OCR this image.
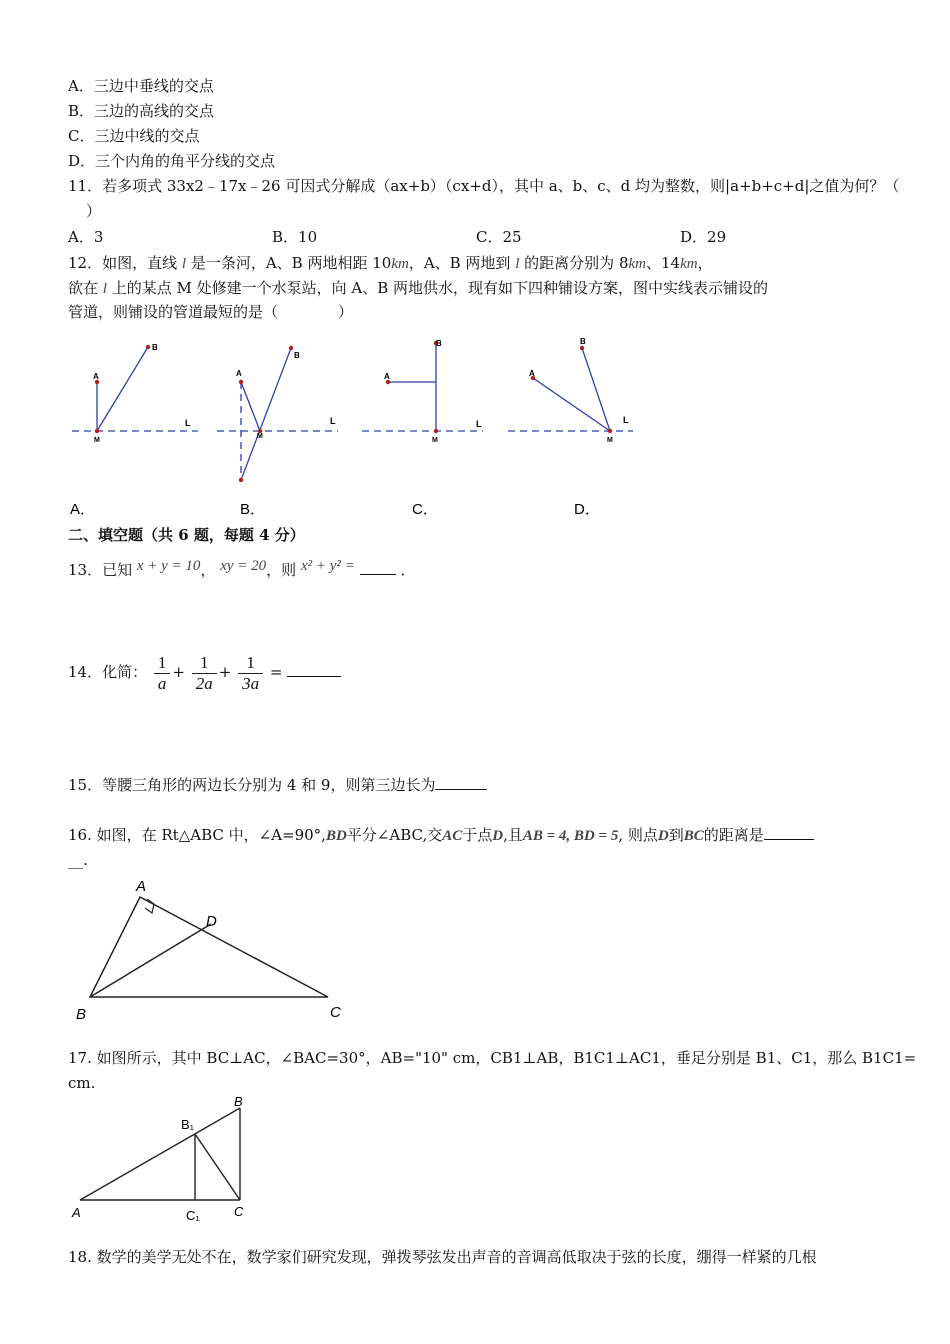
A．三边中垂线的交点
B．三边的高线的交点
C．三边中线的交点
D．三个内角的角平分线的交点
11．若多项式 33x2﹣17x﹣26 可因式分解成（ax+b）（cx+d），其中 a、b、c、d 均为整数，则|a+b+c+d|之值为何？（
）
A．3	B．10	C．25	D．29
12．如图，直线 l 是一条河，A、B 两地相距 10km，A、B 两地到 l 的距离分别为 8km、14km，
欲在 l 上的某点 M 处修建一个水泵站，向 A、B 两地供水，现有如下四种铺设方案，图中实线表示铺设的
管道，则铺设的管道最短的是（　　　　）
A
B
M
L
A
B
M
L
A
B
M
L
A
B
M
L
A．	B．	C．	D．
二、填空题（共 6 题，每题 4 分）
13．已知 x + y = 10， xy = 20，则 x² + y² =	．
14．化简： $\frac{1}{a} + \frac{1}{2a} + \frac{1}{3a}$ =
15．等腰三角形的两边长分别为 4 和 9，则第三边长为
16. 如图，在 Rt△ABC 中，∠A=90°,BD平分∠ABC,交AC于点D,且AB = 4, BD = 5, 则点D到BC的距离是
__.
A
B	C
D
17. 如图所示，其中 BC⊥AC，∠BAC=30°，AB="10" cm，CB1⊥AB，B1C1⊥AC1，垂足分别是 B1、C1，那么 B1C1=
cm.
A
B
C
B₁
C₁
18. 数学的美学无处不在，数学家们研究发现，弹拨琴弦发出声音的音调高低取决于弦的长度，绷得一样紧的几根
